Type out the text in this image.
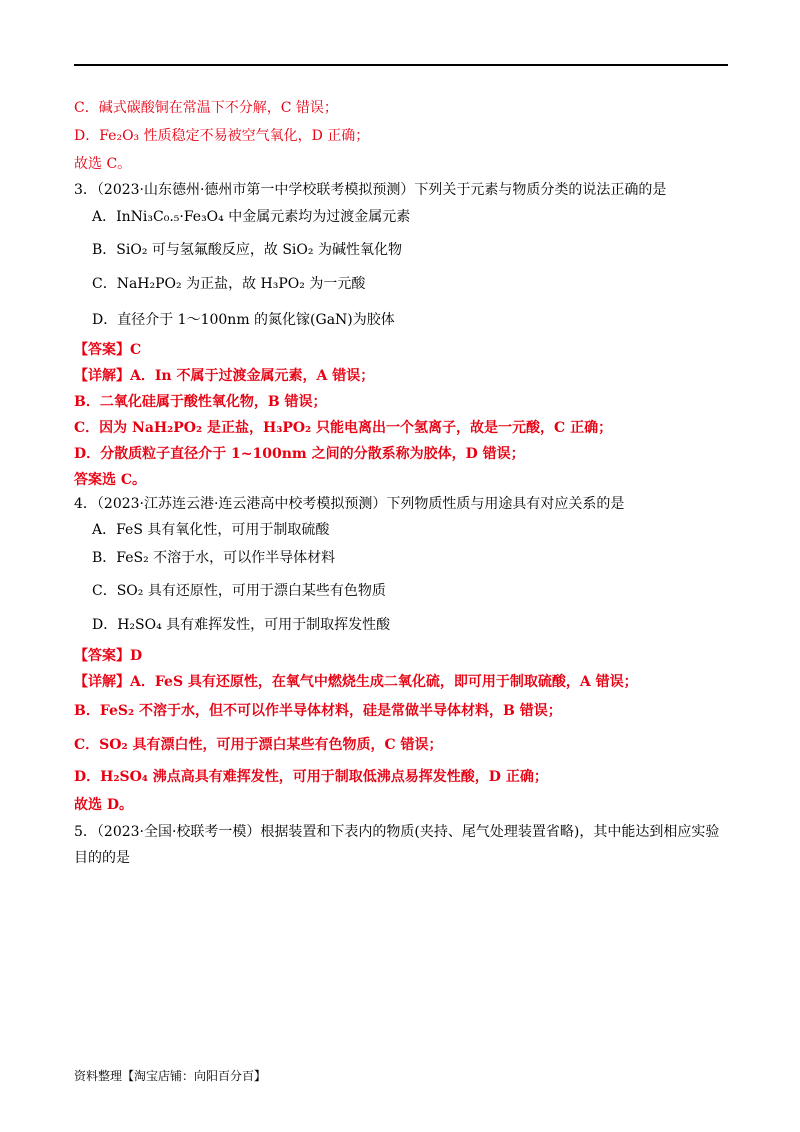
C．碱式碳酸铜在常温下不分解，C 错误；
D．Fe₂O₃ 性质稳定不易被空气氧化，D 正确；
故选 C。
3．（2023·山东德州·德州市第一中学校联考模拟预测）下列关于元素与物质分类的说法正确的是
A．InNi₃C₀.₅·Fe₃O₄ 中金属元素均为过渡金属元素
B．SiO₂ 可与氢氟酸反应，故 SiO₂ 为碱性氧化物
C．NaH₂PO₂ 为正盐，故 H₃PO₂ 为一元酸
D．直径介于 1～100nm 的氮化镓(GaN)为胶体
【答案】C
【详解】A．In 不属于过渡金属元素，A 错误；
B．二氧化硅属于酸性氧化物，B 错误；
C．因为 NaH₂PO₂ 是正盐，H₃PO₂ 只能电离出一个氢离子，故是一元酸，C 正确；
D．分散质粒子直径介于 1~100nm 之间的分散系称为胶体，D 错误；
答案选 C。
4．（2023·江苏连云港·连云港高中校考模拟预测）下列物质性质与用途具有对应关系的是
A．FeS 具有氧化性，可用于制取硫酸
B．FeS₂ 不溶于水，可以作半导体材料
C．SO₂ 具有还原性，可用于漂白某些有色物质
D．H₂SO₄ 具有难挥发性，可用于制取挥发性酸
【答案】D
【详解】A．FeS 具有还原性，在氧气中燃烧生成二氧化硫，即可用于制取硫酸，A 错误；
B．FeS₂ 不溶于水，但不可以作半导体材料，硅是常做半导体材料，B 错误；
C．SO₂ 具有漂白性，可用于漂白某些有色物质，C 错误；
D．H₂SO₄ 沸点高具有难挥发性，可用于制取低沸点易挥发性酸，D 正确；
故选 D。
5．（2023·全国·校联考一模）根据装置和下表内的物质(夹持、尾气处理装置省略)，其中能达到相应实验
目的的是
资料整理【淘宝店铺：向阳百分百】
